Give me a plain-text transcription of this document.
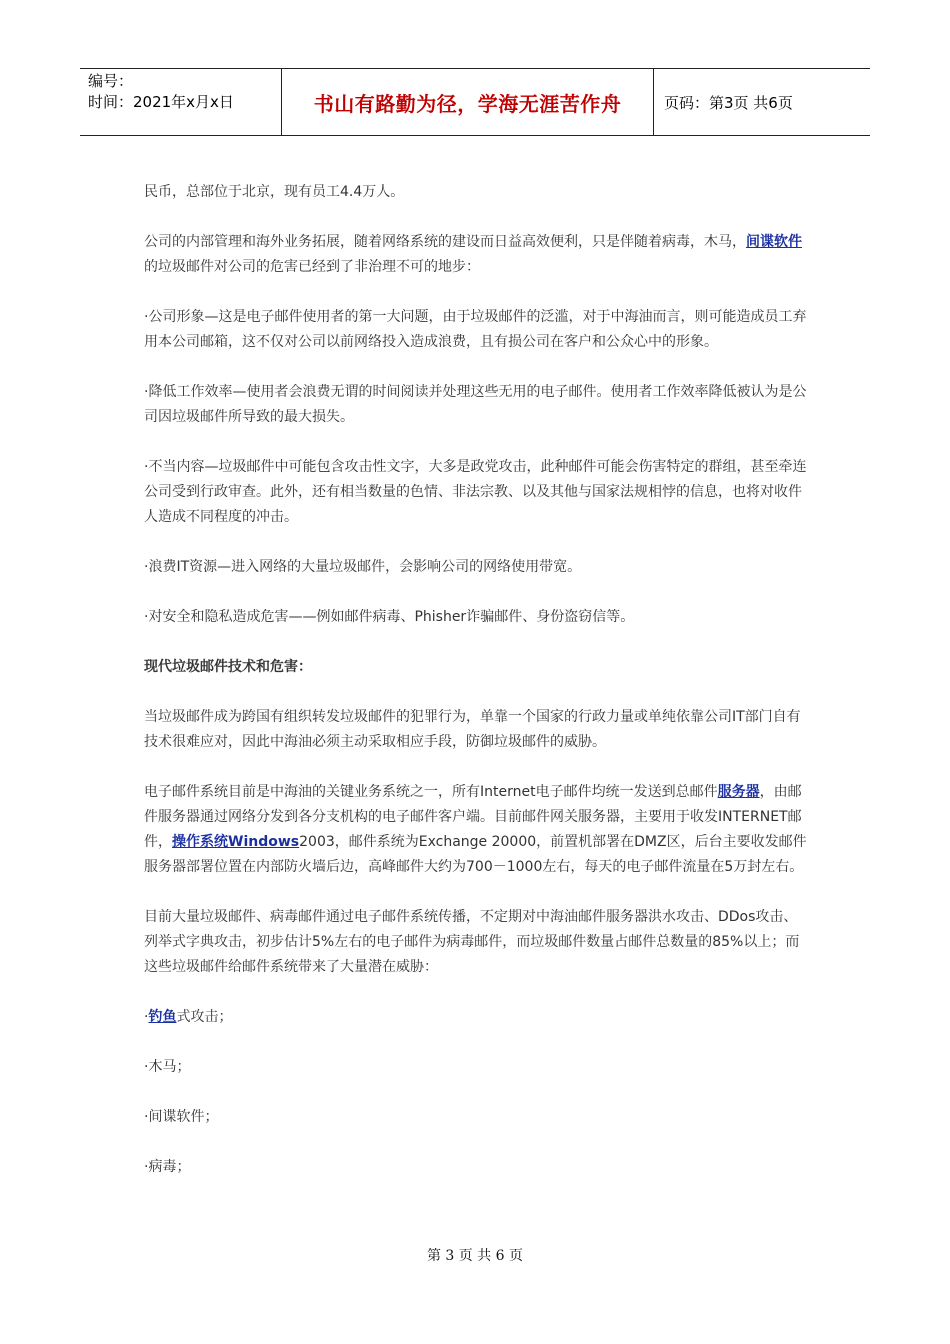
编号：
时间：2021年x月x日	书山有路勤为径，学海无涯苦作舟	页码：第3页 共6页

民币，总部位于北京，现有员工4.4万人。

公司的内部管理和海外业务拓展，随着网络系统的建设而日益高效便利，只是伴随着病毒，木马，间谍软件的垃圾邮件对公司的危害已经到了非治理不可的地步：

·公司形象—这是电子邮件使用者的第一大问题，由于垃圾邮件的泛滥，对于中海油而言，则可能造成员工弃用本公司邮箱，这不仅对公司以前网络投入造成浪费，且有损公司在客户和公众心中的形象。

·降低工作效率—使用者会浪费无谓的时间阅读并处理这些无用的电子邮件。使用者工作效率降低被认为是公司因垃圾邮件所导致的最大损失。

·不当内容—垃圾邮件中可能包含攻击性文字，大多是政党攻击，此种邮件可能会伤害特定的群组，甚至牵连公司受到行政审查。此外，还有相当数量的色情、非法宗教、以及其他与国家法规相悖的信息，也将对收件人造成不同程度的冲击。

·浪费IT资源—进入网络的大量垃圾邮件，会影响公司的网络使用带宽。

·对安全和隐私造成危害——例如邮件病毒、Phisher诈骗邮件、身份盗窃信等。

现代垃圾邮件技术和危害：

当垃圾邮件成为跨国有组织转发垃圾邮件的犯罪行为，单靠一个国家的行政力量或单纯依靠公司IT部门自有技术很难应对，因此中海油必须主动采取相应手段，防御垃圾邮件的威胁。

电子邮件系统目前是中海油的关键业务系统之一，所有Internet电子邮件均统一发送到总邮件服务器，由邮件服务器通过网络分发到各分支机构的电子邮件客户端。目前邮件网关服务器，主要用于收发INTERNET邮件，操作系统Windows2003，邮件系统为Exchange 20000，前置机部署在DMZ区，后台主要收发邮件服务器部署位置在内部防火墙后边，高峰邮件大约为700－1000左右，每天的电子邮件流量在5万封左右。

目前大量垃圾邮件、病毒邮件通过电子邮件系统传播，不定期对中海油邮件服务器洪水攻击、DDos攻击、列举式字典攻击，初步估计5%左右的电子邮件为病毒邮件，而垃圾邮件数量占邮件总数量的85%以上；而这些垃圾邮件给邮件系统带来了大量潜在威胁：

·钓鱼式攻击；

·木马；

·间谍软件；

·病毒；

第 3 页 共 6 页
